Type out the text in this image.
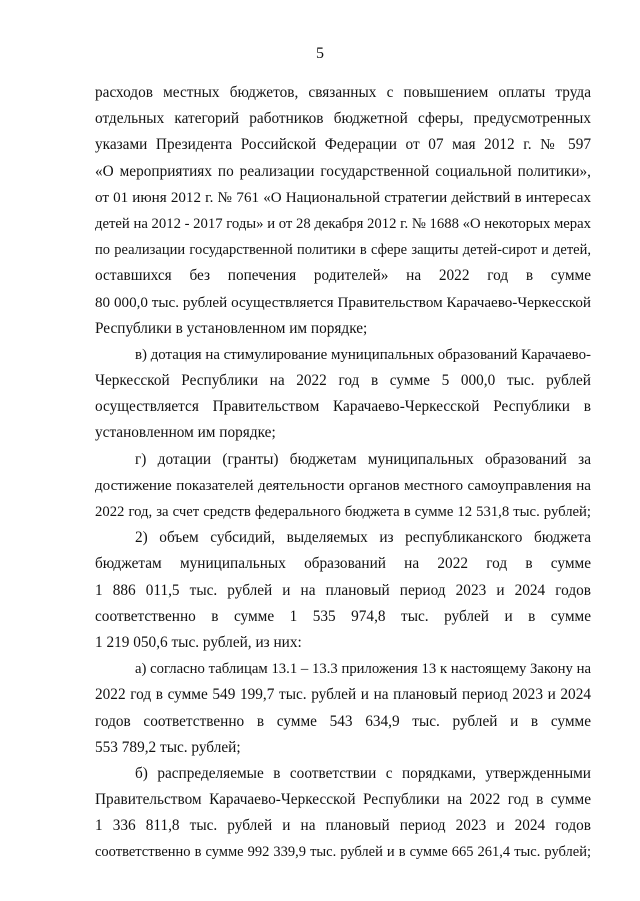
5
расходов местных бюджетов, связанных с повышением оплаты труда
отдельных категорий работников бюджетной сферы, предусмотренных
указами Президента Российской Федерации от 07 мая 2012 г. № 597
«О мероприятиях по реализации государственной социальной политики»,
от 01 июня 2012 г. № 761 «О Национальной стратегии действий в интересах
детей на 2012 - 2017 годы» и от 28 декабря 2012 г. № 1688 «О некоторых мерах
по реализации государственной политики в сфере защиты детей-сирот и детей,
оставшихся без попечения родителей» на 2022 год в сумме
80 000,0 тыс. рублей осуществляется Правительством Карачаево-Черкесской
Республики в установленном им порядке;
в) дотация на стимулирование муниципальных образований Карачаево-
Черкесской Республики на 2022 год в сумме 5 000,0 тыс. рублей
осуществляется Правительством Карачаево-Черкесской Республики в
установленном им порядке;
г) дотации (гранты) бюджетам муниципальных образований за
достижение показателей деятельности органов местного самоуправления на
2022 год, за счет средств федерального бюджета в сумме 12 531,8 тыс. рублей;
2) объем субсидий, выделяемых из республиканского бюджета
бюджетам муниципальных образований на 2022 год в сумме
1 886 011,5 тыс. рублей и на плановый период 2023 и 2024 годов
соответственно в сумме 1 535 974,8 тыс. рублей и в сумме
1 219 050,6 тыс. рублей, из них:
а) согласно таблицам 13.1 – 13.3 приложения 13 к настоящему Закону на
2022 год в сумме 549 199,7 тыс. рублей и на плановый период 2023 и 2024
годов соответственно в сумме 543 634,9 тыс. рублей и в сумме
553 789,2 тыс. рублей;
б) распределяемые в соответствии с порядками, утвержденными
Правительством Карачаево-Черкесской Республики на 2022 год в сумме
1 336 811,8 тыс. рублей и на плановый период 2023 и 2024 годов
соответственно в сумме 992 339,9 тыс. рублей и в сумме 665 261,4 тыс. рублей;
